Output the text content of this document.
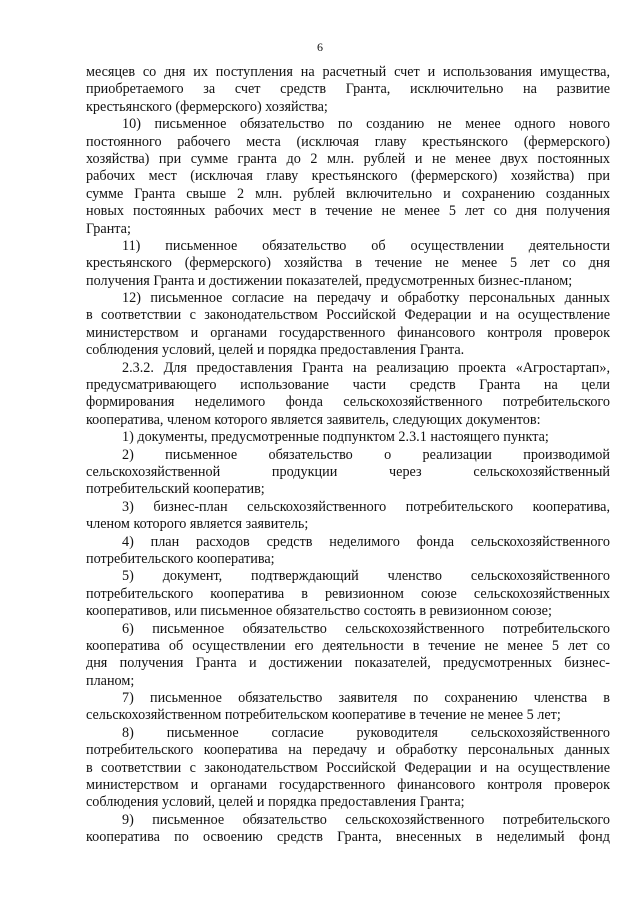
6
месяцев со дня их поступления на расчетный счет и использования имущества,
приобретаемого за счет средств Гранта, исключительно на развитие
крестьянского (фермерского) хозяйства;
10) письменное обязательство по созданию не менее одного нового
постоянного рабочего места (исключая главу крестьянского (фермерского)
хозяйства) при сумме гранта до 2 млн. рублей и не менее двух постоянных
рабочих мест (исключая главу крестьянского (фермерского) хозяйства) при
сумме Гранта свыше 2 млн. рублей включительно и сохранению созданных
новых постоянных рабочих мест в течение не менее 5 лет со дня получения
Гранта;
11) письменное обязательство об осуществлении деятельности
крестьянского (фермерского) хозяйства в течение не менее 5 лет со дня
получения Гранта и достижении показателей, предусмотренных бизнес-планом;
12) письменное согласие на передачу и обработку персональных данных
в соответствии с законодательством Российской Федерации и на осуществление
министерством и органами государственного финансового контроля проверок
соблюдения условий, целей и порядка предоставления Гранта.
2.3.2. Для предоставления Гранта на реализацию проекта «Агростартап»,
предусматривающего использование части средств Гранта на цели
формирования неделимого фонда сельскохозяйственного потребительского
кооператива, членом которого является заявитель, следующих документов:
1) документы, предусмотренные подпунктом 2.3.1 настоящего пункта;
2) письменное обязательство о реализации производимой
сельскохозяйственной продукции через сельскохозяйственный
потребительский кооператив;
3) бизнес-план сельскохозяйственного потребительского кооператива,
членом которого является заявитель;
4) план расходов средств неделимого фонда сельскохозяйственного
потребительского кооператива;
5) документ, подтверждающий членство сельскохозяйственного
потребительского кооператива в ревизионном союзе сельскохозяйственных
кооперативов, или письменное обязательство состоять в ревизионном союзе;
6) письменное обязательство сельскохозяйственного потребительского
кооператива об осуществлении его деятельности в течение не менее 5 лет со
дня получения Гранта и достижении показателей, предусмотренных бизнес-
планом;
7) письменное обязательство заявителя по сохранению членства в
сельскохозяйственном потребительском кооперативе в течение не менее 5 лет;
8) письменное согласие руководителя сельскохозяйственного
потребительского кооператива на передачу и обработку персональных данных
в соответствии с законодательством Российской Федерации и на осуществление
министерством и органами государственного финансового контроля проверок
соблюдения условий, целей и порядка предоставления Гранта;
9) письменное обязательство сельскохозяйственного потребительского
кооператива по освоению средств Гранта, внесенных в неделимый фонд
